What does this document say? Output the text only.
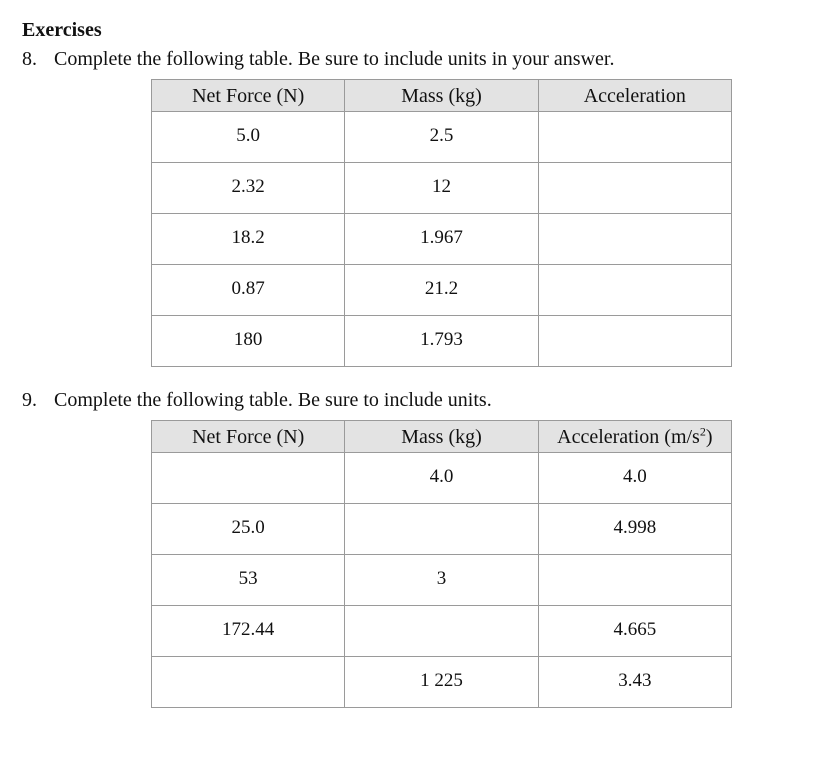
Exercises
8. Complete the following table. Be sure to include units in your answer.
Net Force (N)	Mass (kg)	Acceleration
5.0	2.5	
2.32	12	
18.2	1.967	
0.87	21.2	
180	1.793	
9. Complete the following table. Be sure to include units.
Net Force (N)	Mass (kg)	Acceleration $(m/s^2)$
	4.0	4.0
25.0		4.998
53	3	
172.44		4.665
	1 225	3.43
